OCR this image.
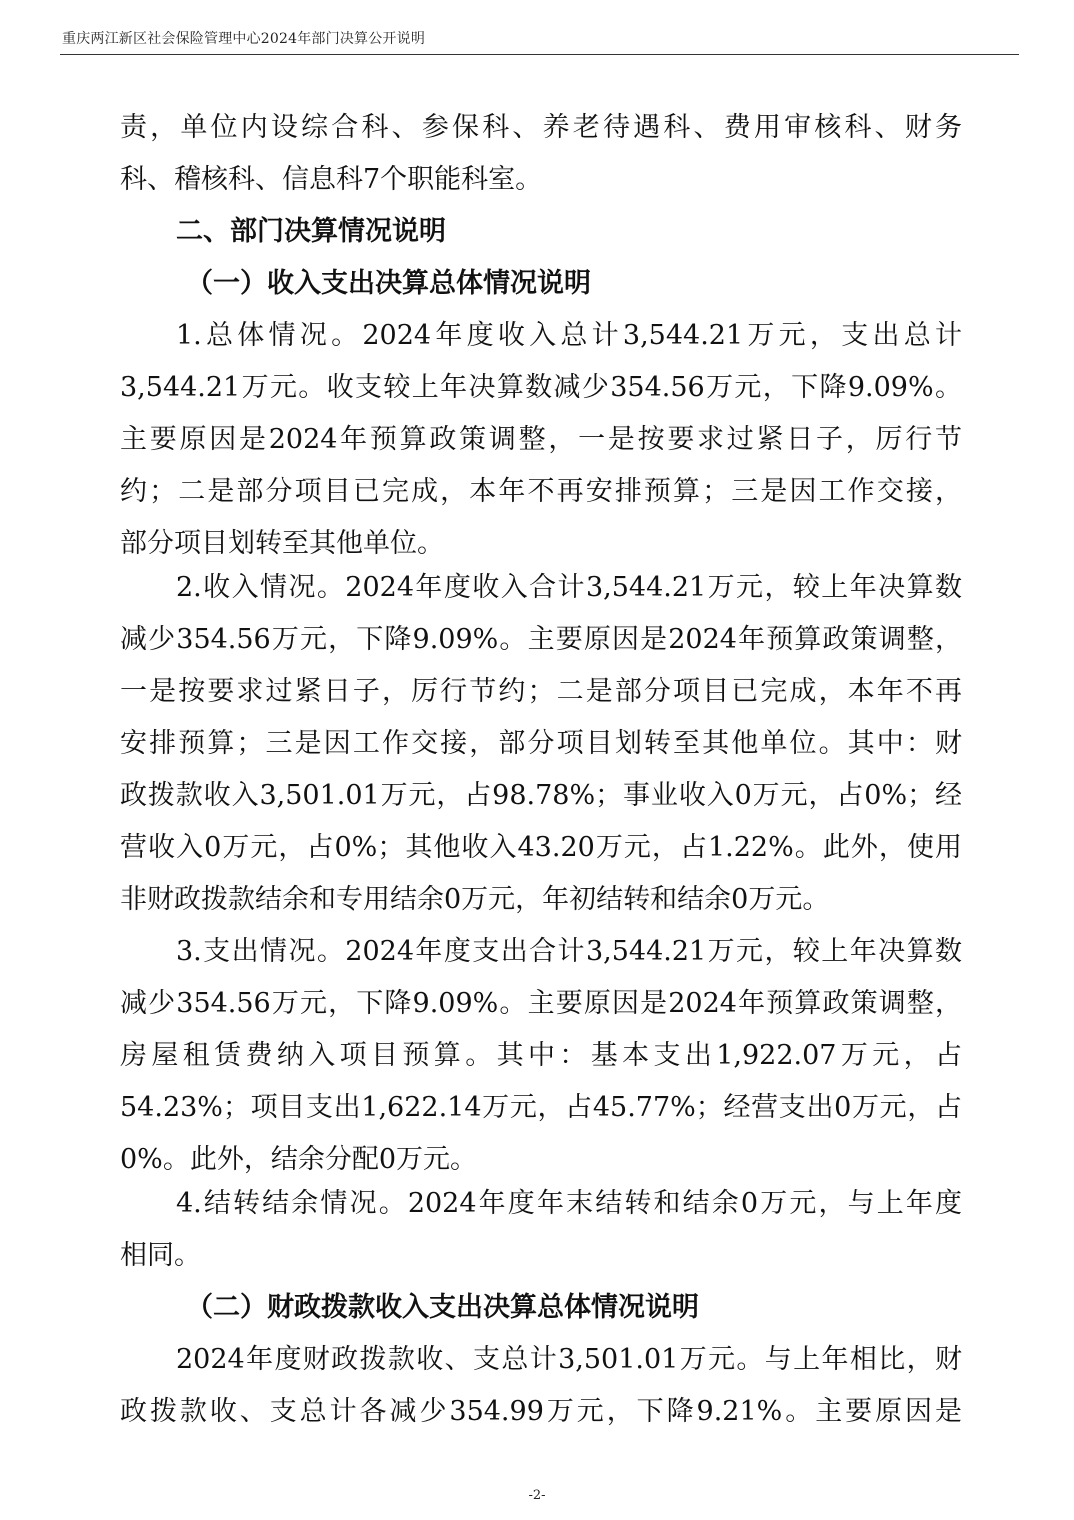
重庆两江新区社会保险管理中心2024年部门决算公开说明
责，单位内设综合科、参保科、养老待遇科、费用审核科、财务
科、稽核科、信息科7个职能科室。
二、部门决算情况说明
（一）收入支出决算总体情况说明
1.总体情况。2024年度收入总计3,544.21万元，支出总计
3,544.21万元。收支较上年决算数减少354.56万元，下降9.09%。
主要原因是2024年预算政策调整，一是按要求过紧日子，厉行节
约；二是部分项目已完成，本年不再安排预算；三是因工作交接，
部分项目划转至其他单位。
2.收入情况。2024年度收入合计3,544.21万元，较上年决算数
减少354.56万元，下降9.09%。主要原因是2024年预算政策调整，
一是按要求过紧日子，厉行节约；二是部分项目已完成，本年不再
安排预算；三是因工作交接，部分项目划转至其他单位。其中：财
政拨款收入3,501.01万元，占98.78%；事业收入0万元，占0%；经
营收入0万元，占0%；其他收入43.20万元，占1.22%。此外，使用
非财政拨款结余和专用结余0万元，年初结转和结余0万元。
3.支出情况。2024年度支出合计3,544.21万元，较上年决算数
减少354.56万元，下降9.09%。主要原因是2024年预算政策调整，
房屋租赁费纳入项目预算。其中：基本支出1,922.07万元，占
54.23%；项目支出1,622.14万元，占45.77%；经营支出0万元，占
0%。此外，结余分配0万元。
4.结转结余情况。2024年度年末结转和结余0万元，与上年度
相同。
（二）财政拨款收入支出决算总体情况说明
2024年度财政拨款收、支总计3,501.01万元。与上年相比，财
政拨款收、支总计各减少354.99万元，下降9.21%。主要原因是
-2-
